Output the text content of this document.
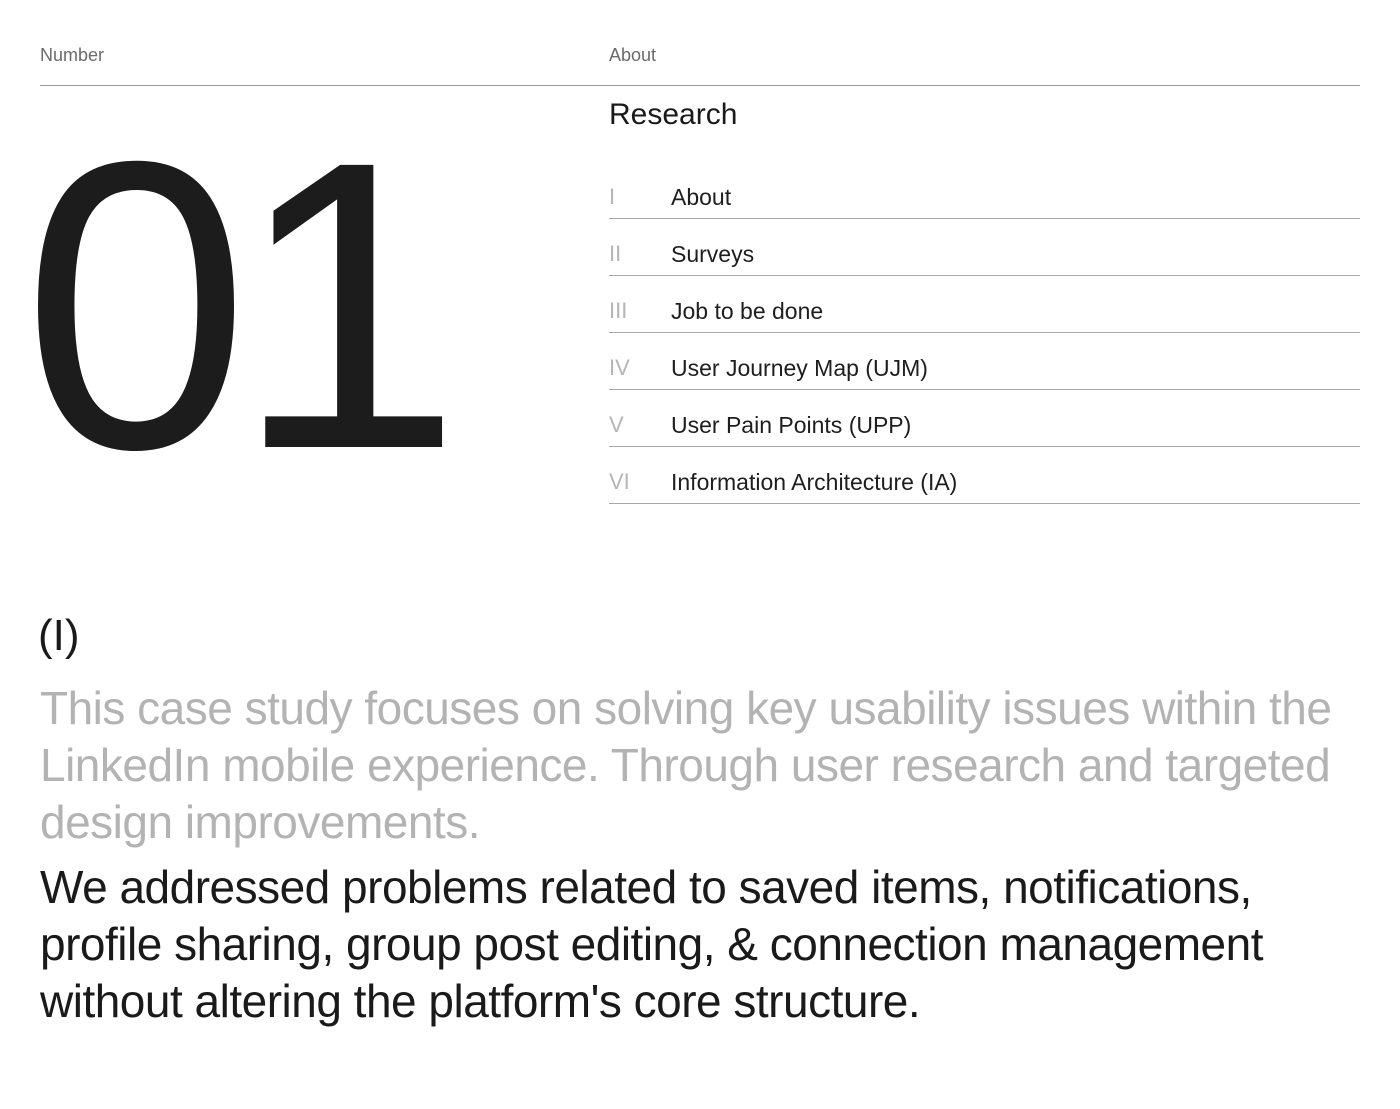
Number	About
01	Research
I About
II Surveys
III Job to be done
IV User Journey Map (UJM)
V User Pain Points (UPP)
VI Information Architecture (IA)
(I)

This case study focuses on solving key usability issues within the LinkedIn mobile experience. Through user research and targeted design improvements.

We addressed problems related to saved items, notifications, profile sharing, group post editing, & connection management without altering the platform's core structure.
